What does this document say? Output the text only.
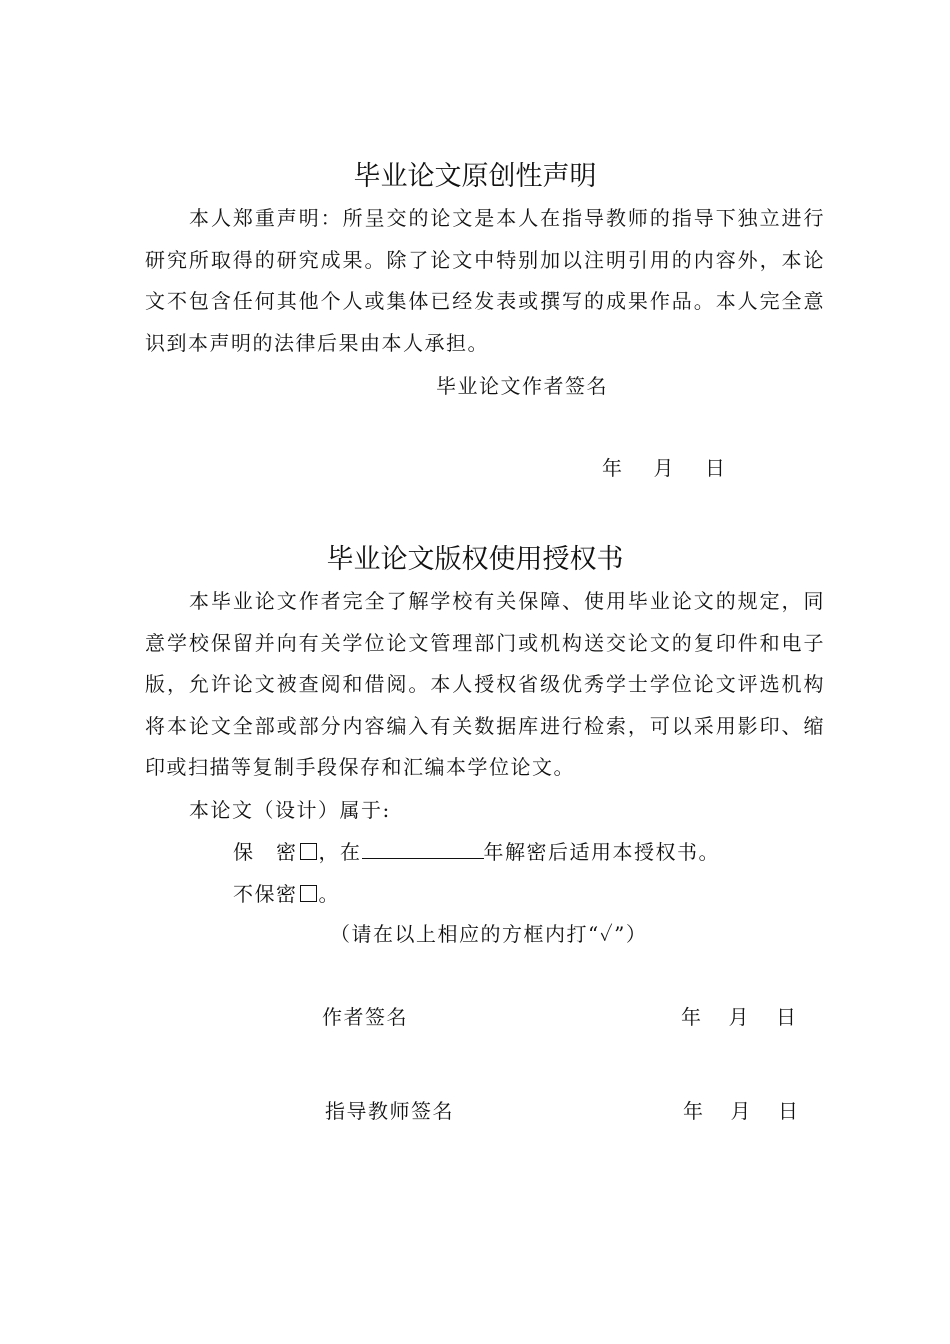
毕业论文原创性声明
本人郑重声明：所呈交的论文是本人在指导教师的指导下独立进行研究所取得的研究成果。除了论文中特别加以注明引用的内容外，本论文不包含任何其他个人或集体已经发表或撰写的成果作品。本人完全意识到本声明的法律后果由本人承担。
毕业论文作者签名
年 月 日
毕业论文版权使用授权书
本毕业论文作者完全了解学校有关保障、使用毕业论文的规定，同意学校保留并向有关学位论文管理部门或机构送交论文的复印件和电子版，允许论文被查阅和借阅。本人授权省级优秀学士学位论文评选机构将本论文全部或部分内容编入有关数据库进行检索，可以采用影印、缩印或扫描等复制手段保存和汇编本学位论文。
本论文（设计）属于:
保　密 ，在	年解密后适用本授权书。
不保密 。
（请在以上相应的方框内打“✓”）
作者签名	年 月 日
指导教师签名	年 月 日
